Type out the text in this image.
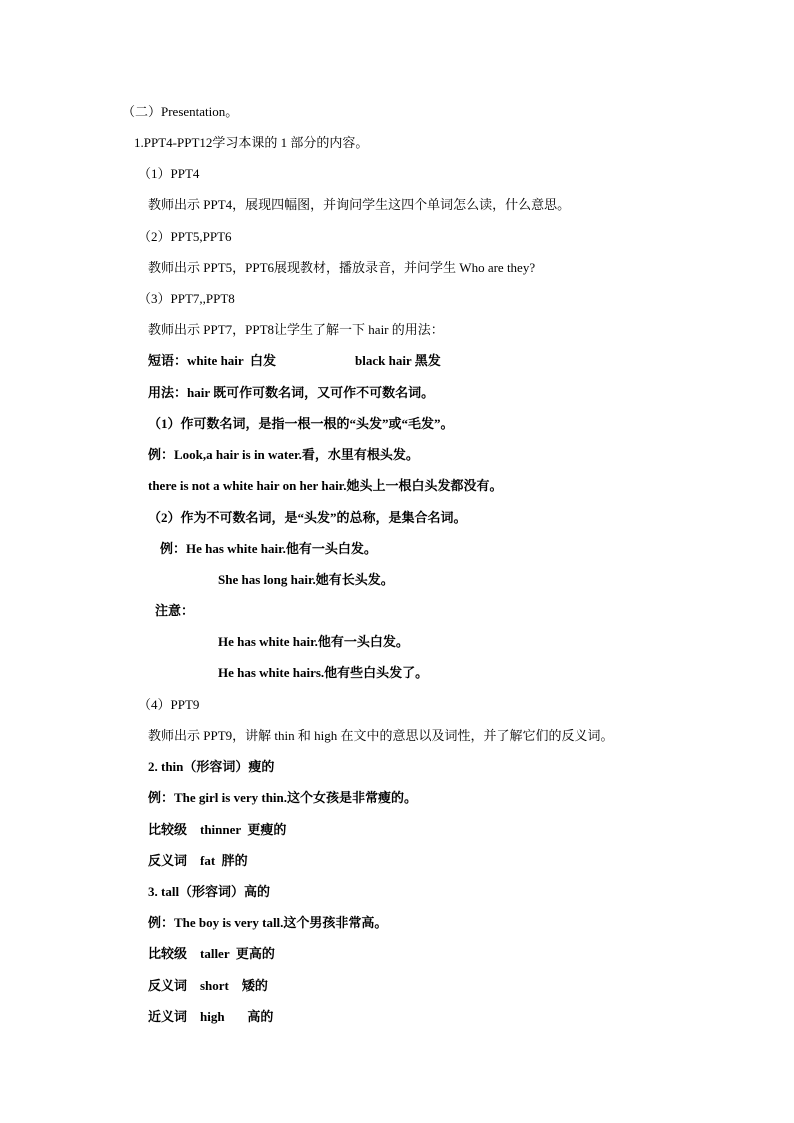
（二）Presentation。
1.PPT4-PPT12学习本课的 1 部分的内容。
（1）PPT4
教师出示 PPT4，展现四幅图，并询问学生这四个单词怎么读，什么意思。
（2）PPT5,PPT6
教师出示 PPT5，PPT6展现教材，播放录音，并问学生 Who are they?
（3）PPT7,,PPT8
教师出示 PPT7，PPT8让学生了解一下 hair 的用法：
短语：white hair  白发	black hair 黑发
用法：hair 既可作可数名词，又可作不可数名词。
（1）作可数名词，是指一根一根的“头发”或“毛发”。
例：Look,a hair is in water.看，水里有根头发。
there is not a white hair on her hair.她头上一根白头发都没有。
（2）作为不可数名词，是“头发”的总称，是集合名词。
例：He has white hair.他有一头白发。
She has long hair.她有长头发。
注意：
He has white hair.他有一头白发。
He has white hairs.他有些白头发了。
（4）PPT9
教师出示 PPT9，讲解 thin 和 high 在文中的意思以及词性，并了解它们的反义词。
2. thin（形容词）瘦的
例：The girl is very thin.这个女孩是非常瘦的。
比较级    thinner  更瘦的
反义词    fat  胖的
3. tall（形容词）高的
例：The boy is very tall.这个男孩非常高。
比较级    taller  更高的
反义词    short    矮的
近义词    high       高的
